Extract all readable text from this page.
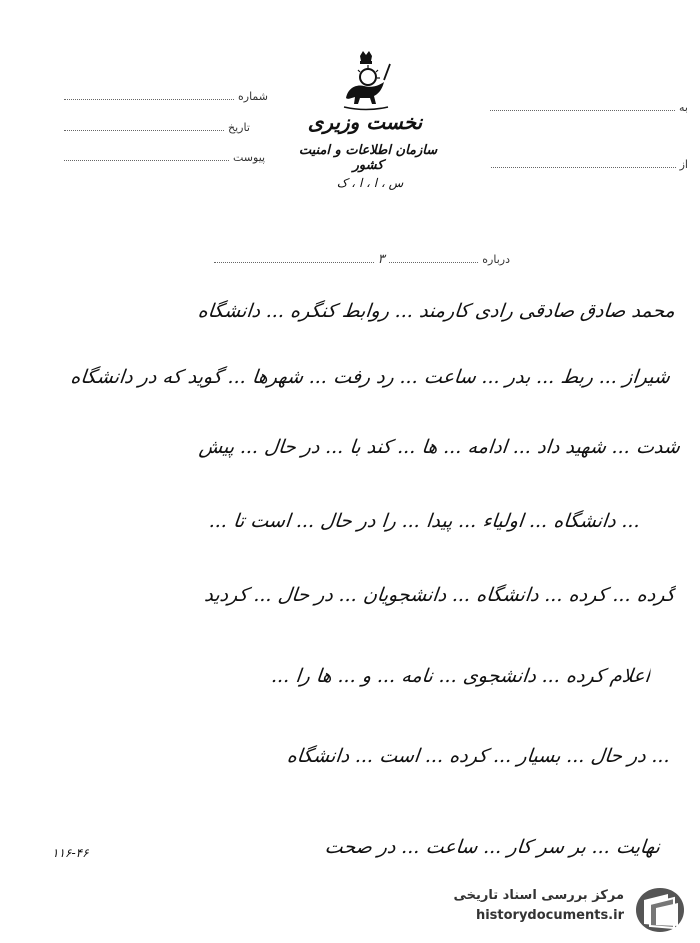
شماره
تاریخ
پیوست
به
از
نخست وزیری
سازمان اطلاعات و امنیت کشور
س ، ا ، ا ، ک
درباره
۳
محمد صادق صادقی رادی کارمند ... روابط کنگره ... دانشگاه
شیراز ... ربط ... بدر ... ساعت ... رد رفت ... شهرها ... گوید که در دانشگاه
شدت ... شهید داد ... ادامه ... ها ... کند با ... در حال ... پیش
... دانشگاه ... اولیاء ... پیدا ... را در حال ... است تا ...
گرده ... کرده ... دانشگاه ... دانشجویان ... در حال ... کردید
اعلام کرده ... دانشجوی ... نامه ... و ... ها را ...
... در حال ... بسیار ... کرده ... است ... دانشگاه
نهایت ... بر سر کار ... ساعت ... در صحت
۱۱۶-۴۶
مرکز بررسی اسناد تاریخی
historydocuments.ir
